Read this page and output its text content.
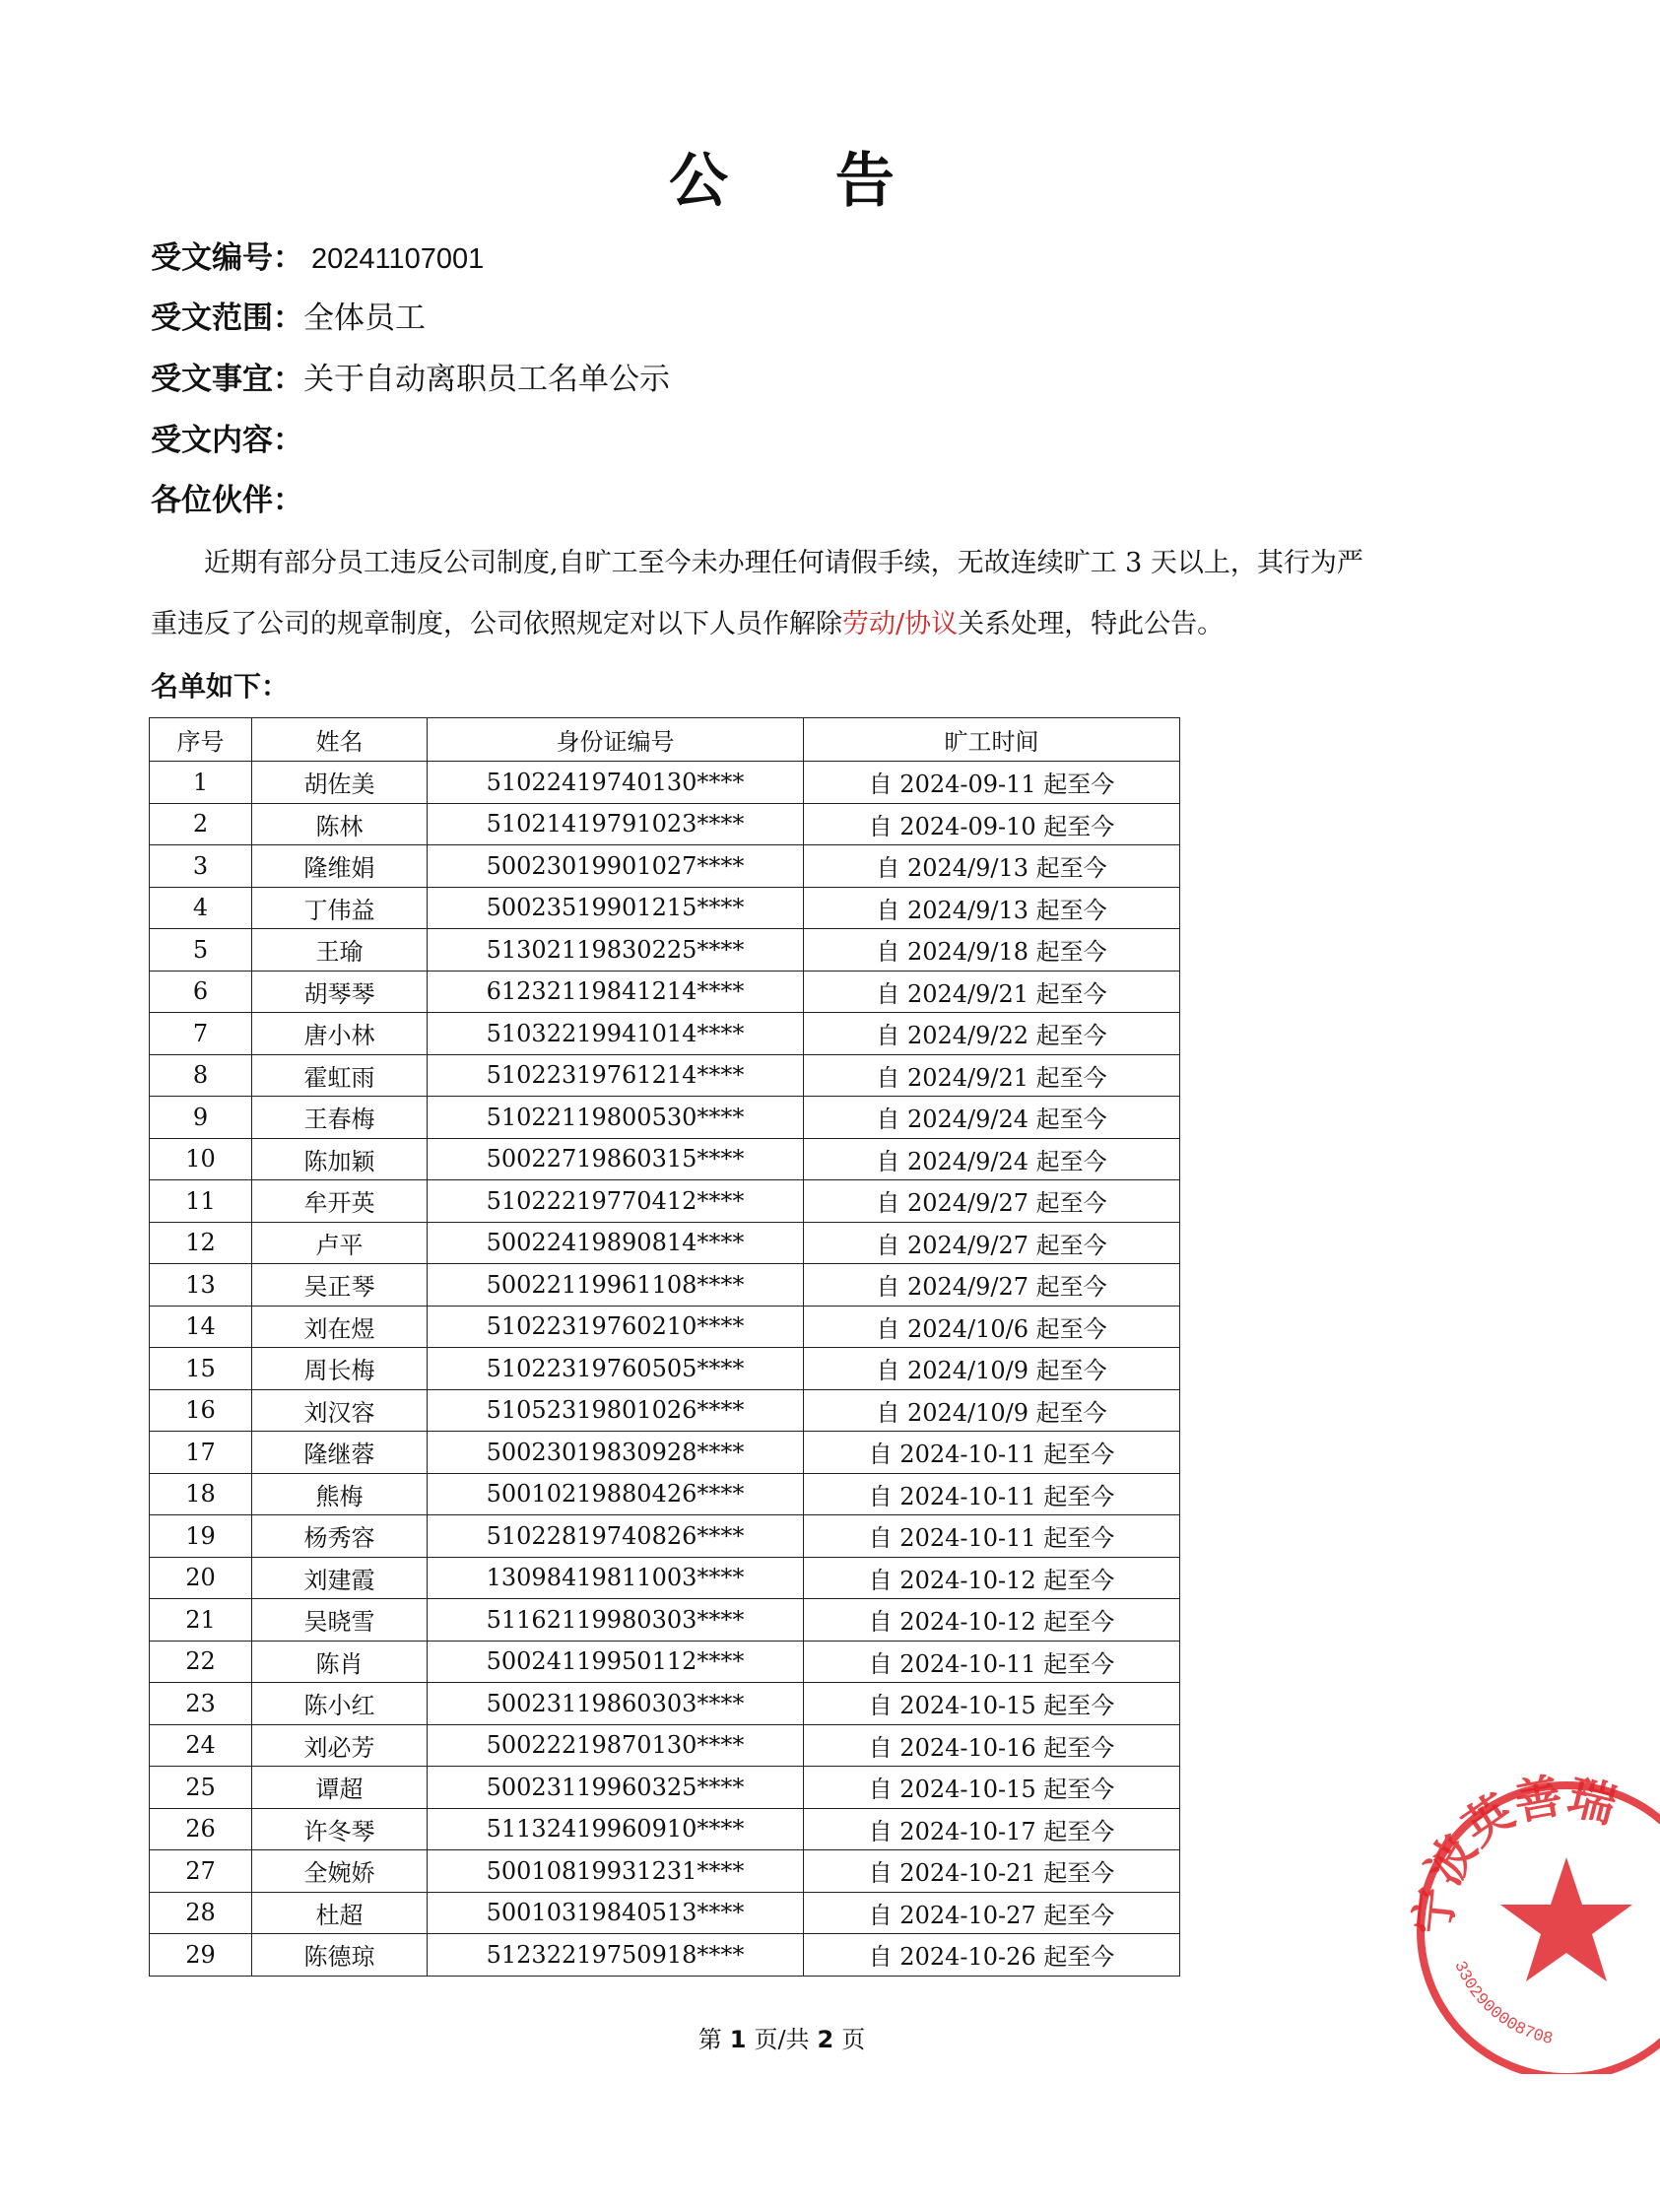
公 告
受文编号： 20241107001
受文范围：全体员工
受文事宜：关于自动离职员工名单公示
受文内容：
各位伙伴：
近期有部分员工违反公司制度,自旷工至今未办理任何请假手续，无故连续旷工 3 天以上，其行为严
重违反了公司的规章制度，公司依照规定对以下人员作解除劳动/协议关系处理，特此公告。
名单如下：
序号	姓名	身份证编号	旷工时间
1	胡佐美	51022419740130****	自 2024-09-11 起至今
2	陈林	51021419791023****	自 2024-09-10 起至今
3	隆维娟	50023019901027****	自 2024/9/13 起至今
4	丁伟益	50023519901215****	自 2024/9/13 起至今
5	王瑜	51302119830225****	自 2024/9/18 起至今
6	胡琴琴	61232119841214****	自 2024/9/21 起至今
7	唐小林	51032219941014****	自 2024/9/22 起至今
8	霍虹雨	51022319761214****	自 2024/9/21 起至今
9	王春梅	51022119800530****	自 2024/9/24 起至今
10	陈加颖	50022719860315****	自 2024/9/24 起至今
11	牟开英	51022219770412****	自 2024/9/27 起至今
12	卢平	50022419890814****	自 2024/9/27 起至今
13	吴正琴	50022119961108****	自 2024/9/27 起至今
14	刘在煜	51022319760210****	自 2024/10/6 起至今
15	周长梅	51022319760505****	自 2024/10/9 起至今
16	刘汉容	51052319801026****	自 2024/10/9 起至今
17	隆继蓉	50023019830928****	自 2024-10-11 起至今
18	熊梅	50010219880426****	自 2024-10-11 起至今
19	杨秀容	51022819740826****	自 2024-10-11 起至今
20	刘建霞	13098419811003****	自 2024-10-12 起至今
21	吴晓雪	51162119980303****	自 2024-10-12 起至今
22	陈肖	50024119950112****	自 2024-10-11 起至今
23	陈小红	50023119860303****	自 2024-10-15 起至今
24	刘必芳	50022219870130****	自 2024-10-16 起至今
25	谭超	50023119960325****	自 2024-10-15 起至今
26	许冬琴	51132419960910****	自 2024-10-17 起至今
27	全婉娇	50010819931231****	自 2024-10-21 起至今
28	杜超	50010319840513****	自 2024-10-27 起至今
29	陈德琼	51232219750918****	自 2024-10-26 起至今
第 1 页/共 2 页
宁波英善瑞
3302900008708
